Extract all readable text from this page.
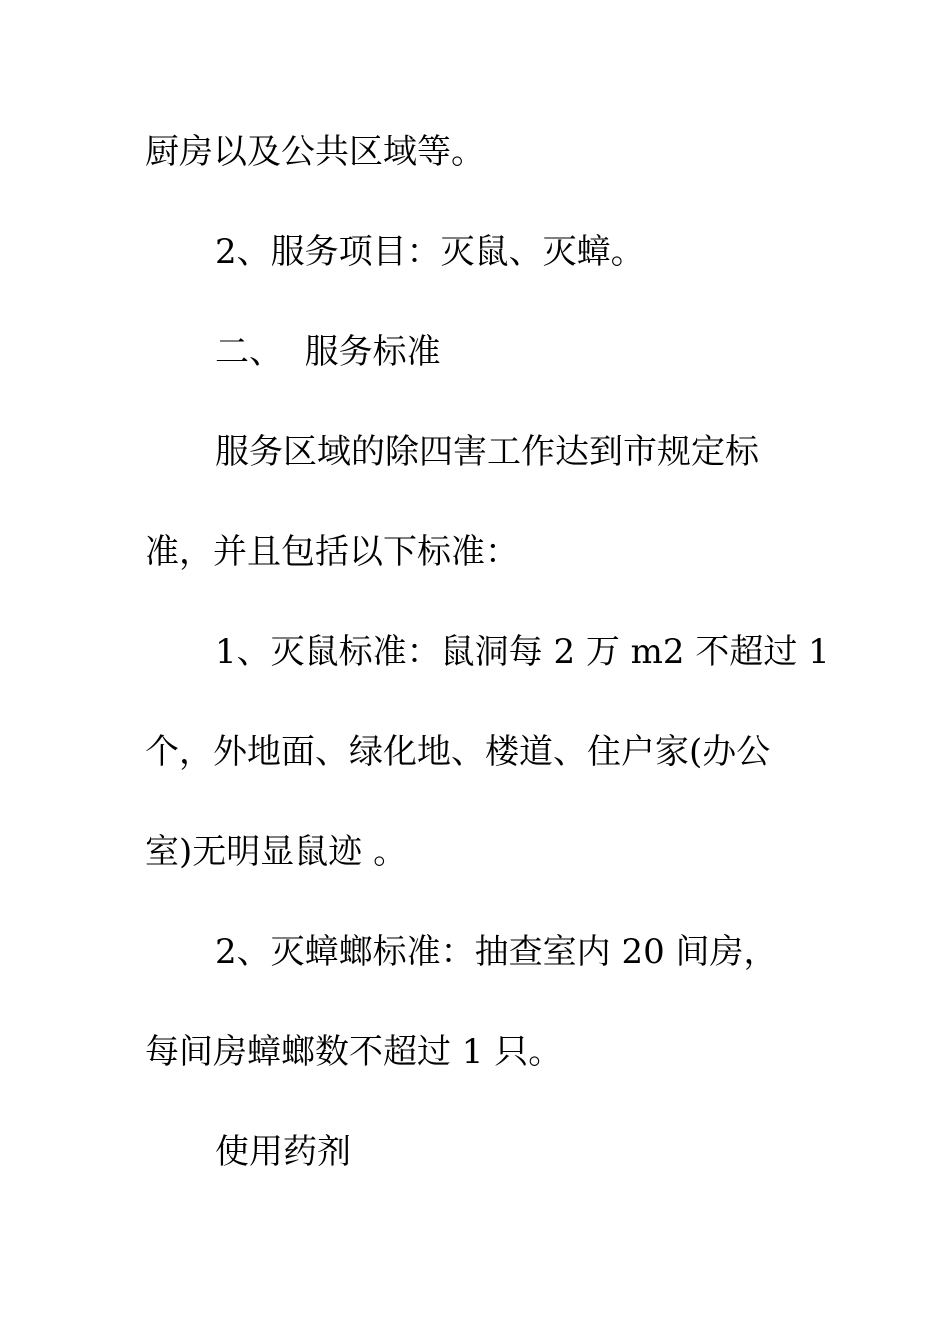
厨房以及公共区域等。

2、服务项目：灭鼠、灭蟑。

二、  服务标准

服务区域的除四害工作达到市规定标

准，并且包括以下标准：

1、灭鼠标准：鼠洞每 2 万 m2 不超过 1

个，外地面、绿化地、楼道、住户家(办公

室)无明显鼠迹 。

2、灭蟑螂标准：抽查室内 20 间房，

每间房蟑螂数不超过 1 只。

使用药剂
